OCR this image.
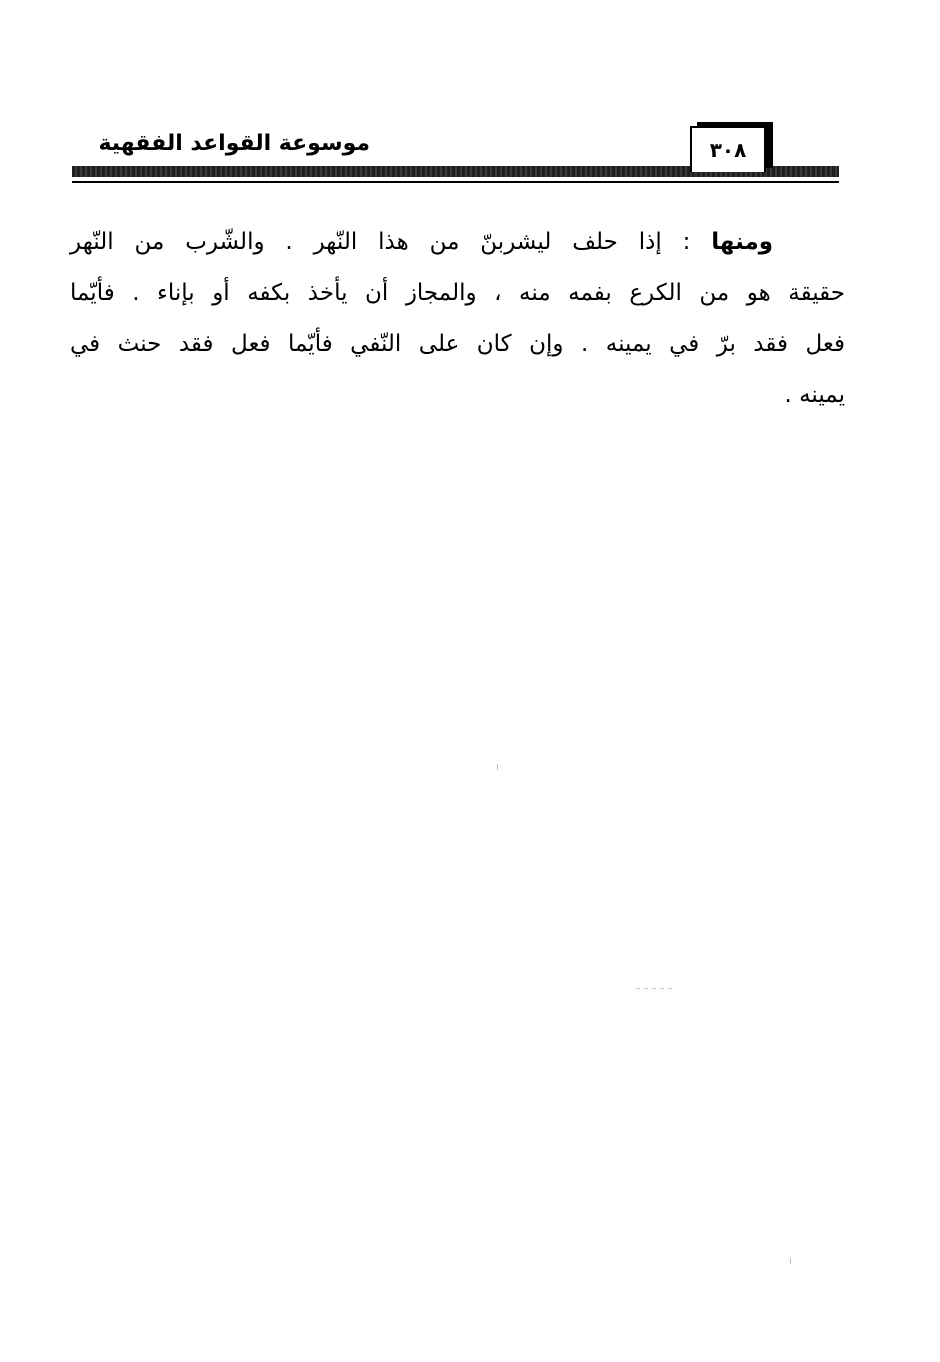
موسوعة القواعد الفقهية	٣٠٨
ومنها : إذا حلف ليشربنّ من هذا النّهر . والشّرب من النّهر
حقيقة هو من الكرع بفمه منه ، والمجاز أن يأخذ بكفه أو بإناء . فأيّما
فعل فقد برّ في يمينه . وإن كان على النّفي فأيّما فعل فقد حنث في
يمينه .
